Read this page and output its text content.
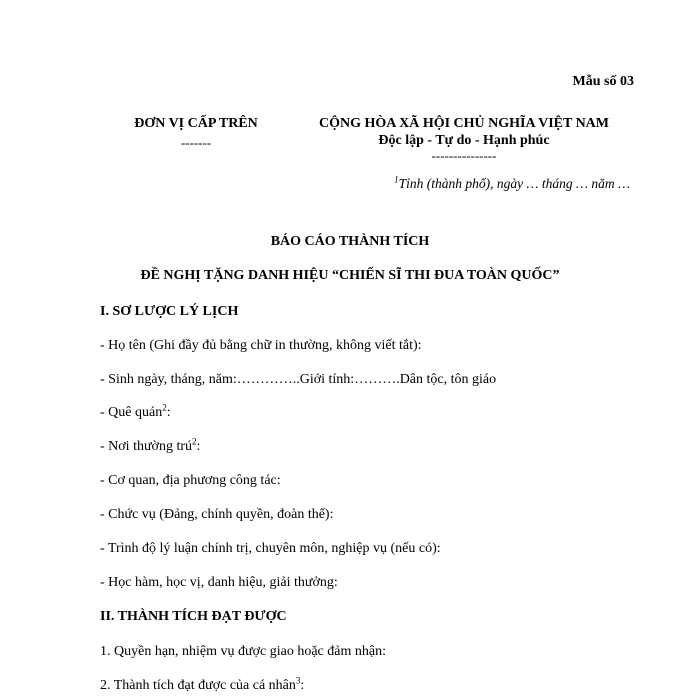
Mẫu số 03
ĐƠN VỊ CẤP TRÊN
-------
CỘNG HÒA XÃ HỘI CHỦ NGHĨA VIỆT NAM
Độc lập - Tự do - Hạnh phúc
---------------
$^1$Tỉnh (thành phố), ngày … tháng … năm …
BÁO CÁO THÀNH TÍCH
ĐỀ NGHỊ TẶNG DANH HIỆU “CHIẾN SĨ THI ĐUA TOÀN QUỐC”
I. SƠ LƯỢC LÝ LỊCH
- Họ tên (Ghi đầy đủ bằng chữ in thường, không viết tắt):
- Sinh ngày, tháng, năm:…………..Giới tính:……….Dân tộc, tôn giáo
- Quê quán$^2$:
- Nơi thường trú$^2$:
- Cơ quan, địa phương công tác:
- Chức vụ (Đảng, chính quyền, đoàn thể):
- Trình độ lý luận chính trị, chuyên môn, nghiệp vụ (nếu có):
- Học hàm, học vị, danh hiệu, giải thưởng:
II. THÀNH TÍCH ĐẠT ĐƯỢC
1. Quyền hạn, nhiệm vụ được giao hoặc đảm nhận:
2. Thành tích đạt được của cá nhân$^3$:
